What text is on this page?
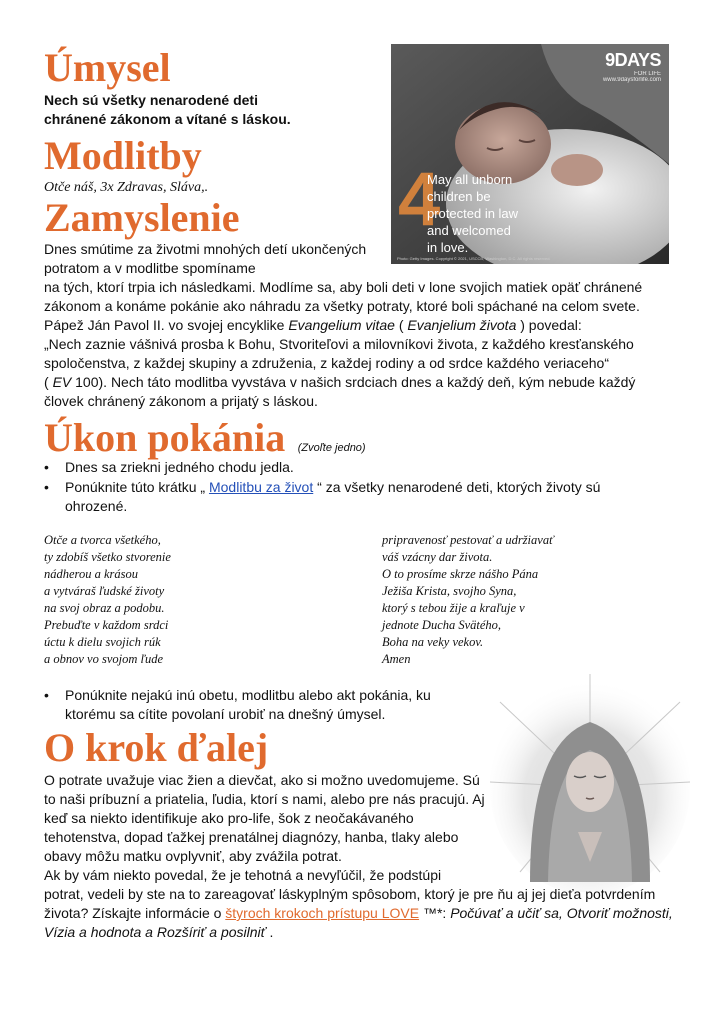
Úmysel

Nech sú všetky nenarodené deti

chránené zákonom a vítané s láskou.

Modlitby

Otče náš, 3x Zdravas, Sláva,.

Zamyslenie

Dnes smútime za životmi mnohých detí ukončených

potratom a v modlitbe spomíname

na tých, ktorí trpia ich následkami. Modlíme sa, aby boli deti v lone svojich matiek opäť chránené

zákonom a konáme pokánie ako náhradu za všetky potraty, ktoré boli spáchané na celom svete.

Pápež Ján Pavol II. vo svojej encyklike Evangelium vitae ( Evanjelium života ) povedal:

„Nech zaznie vášnivá prosba k Bohu, Stvoriteľovi a milovníkovi života, z každého kresťanského

spoločenstva, z každej skupiny a združenia, z každej rodiny a od srdce každého veriaceho“

( EV 100). Nech táto modlitba vyvstáva v našich srdciach dnes a každý deň, kým nebude každý

človek chránený zákonom a prijatý s láskou.

9DAYS
FOR LIFE
www.9daysforlife.com
4
May all unborn
children be
protected in law
and welcomed
in love.
Photo: Getty Images. Copyright © 2021, USCCB, Washington, D.C. All rights reserved.
Úkon pokánia (Zvoľte jedno)
• Dnes sa zriekni jedného chodu jedla.
• Ponúknite túto krátku „ Modlitbu za život “ za všetky nenarodené deti, ktorých životy sú
ohrozené.
Otče a tvorca všetkého,
ty zdobíš všetko stvorenie
nádherou a krásou
a vytváraš ľudské životy
na svoj obraz a podobu.
Prebuďte v každom srdci
úctu k dielu svojich rúk
a obnov vo svojom ľude
pripravenosť pestovať a udržiavať
váš vzácny dar života.
O to prosíme skrze nášho Pána
Ježiša Krista, svojho Syna,
ktorý s tebou žije a kraľuje v
jednote Ducha Svätého,
Boha na veky vekov.
Amen
• Ponúknite nejakú inú obetu, modlitbu alebo akt pokánia, ku
ktorému sa cítite povolaní urobiť na dnešný úmysel.
O krok ďalej

O potrate uvažuje viac žien a dievčat, ako si možno uvedomujeme. Sú

to naši príbuzní a priatelia, ľudia, ktorí s nami, alebo pre nás pracujú. Aj

keď sa niekto identifikuje ako pro-life, šok z neočakávaného

tehotenstva, dopad ťažkej prenatálnej diagnózy, hanba, tlaky alebo

obavy môžu matku ovplyvniť, aby zvážila potrat.

Ak by vám niekto povedal, že je tehotná a nevyľúčil, že podstúpi

potrat, vedeli by ste na to zareagovať láskyplným spôsobom, ktorý je pre ňu aj jej dieťa potvrdením

života? Získajte informácie o štyroch krokoch prístupu LOVE ™*: Počúvať a učiť sa, Otvoriť možnosti,

Vízia a hodnota a Rozšíriť a posilniť .
